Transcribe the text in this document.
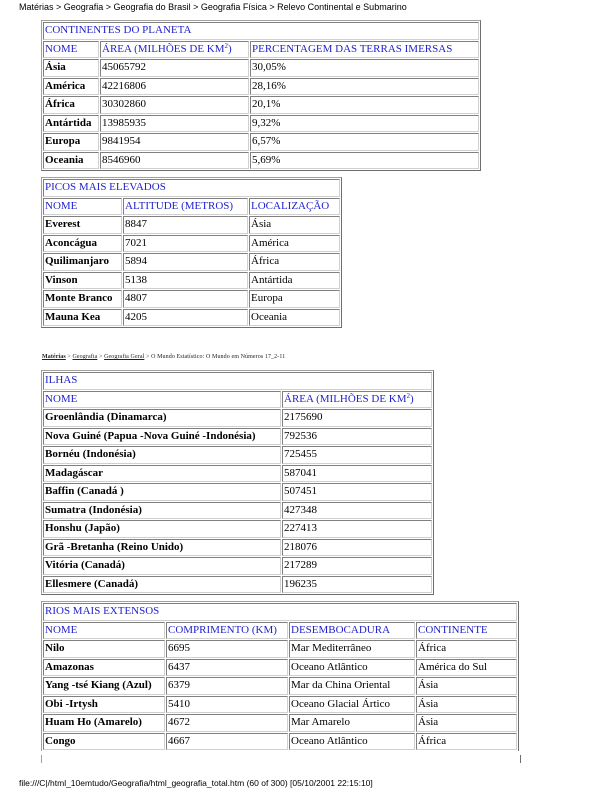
Matérias > Geografia > Geografia do Brasil > Geografia Física > Relevo Continental e Submarino
CONTINENTES DO PLANETA		
NOME	ÁREA (MILHÕES DE $KM^2$)	PERCENTAGEM DAS TERRAS IMERSAS
Ásia	45065792	30,05%
América	42216806	28,16%
África	30302860	20,1%
Antártida	13985935	9,32%
Europa	9841954	6,57%
Oceania	8546960	5,69%
PICOS MAIS ELEVADOS		
NOME	ALTITUDE (METROS)	LOCALIZAÇÃO
Everest	8847	Ásia
Aconcágua	7021	América
Quilimanjaro	5894	África
Vinson	5138	Antártida
Monte Branco	4807	Europa
Mauna Kea	4205	Oceania
Matérias > Geografia > Geografia Geral > O Mundo Estatístico: O Mundo em Números 17_2-11
ILHAS	
NOME	ÁREA (MILHÕES DE $KM^2$)
Groenlândia (Dinamarca)	2175690
Nova Guiné (Papua -Nova Guiné -Indonésia)	792536
Bornéu (Indonésia)	725455
Madagáscar	587041
Baffin (Canadá )	507451
Sumatra (Indonésia)	427348
Honshu (Japão)	227413
Grã -Bretanha (Reino Unido)	218076
Vitória (Canadá)	217289
Ellesmere (Canadá)	196235
RIOS MAIS EXTENSOS			
NOME	COMPRIMENTO (KM)	DESEMBOCADURA	CONTINENTE
Nilo	6695	Mar Mediterrâneo	África
Amazonas	6437	Oceano Atlântico	América do Sul
Yang -tsé Kiang (Azul)	6379	Mar da China Oriental	Ásia
Obi -Irtysh	5410	Oceano Glacial Ártico	Ásia
Huam Ho (Amarelo)	4672	Mar Amarelo	Ásia
Congo	4667	Oceano Atlântico	África
file:///C|/html_10emtudo/Geografia/html_geografia_total.htm (60 of 300) [05/10/2001 22:15:10]
